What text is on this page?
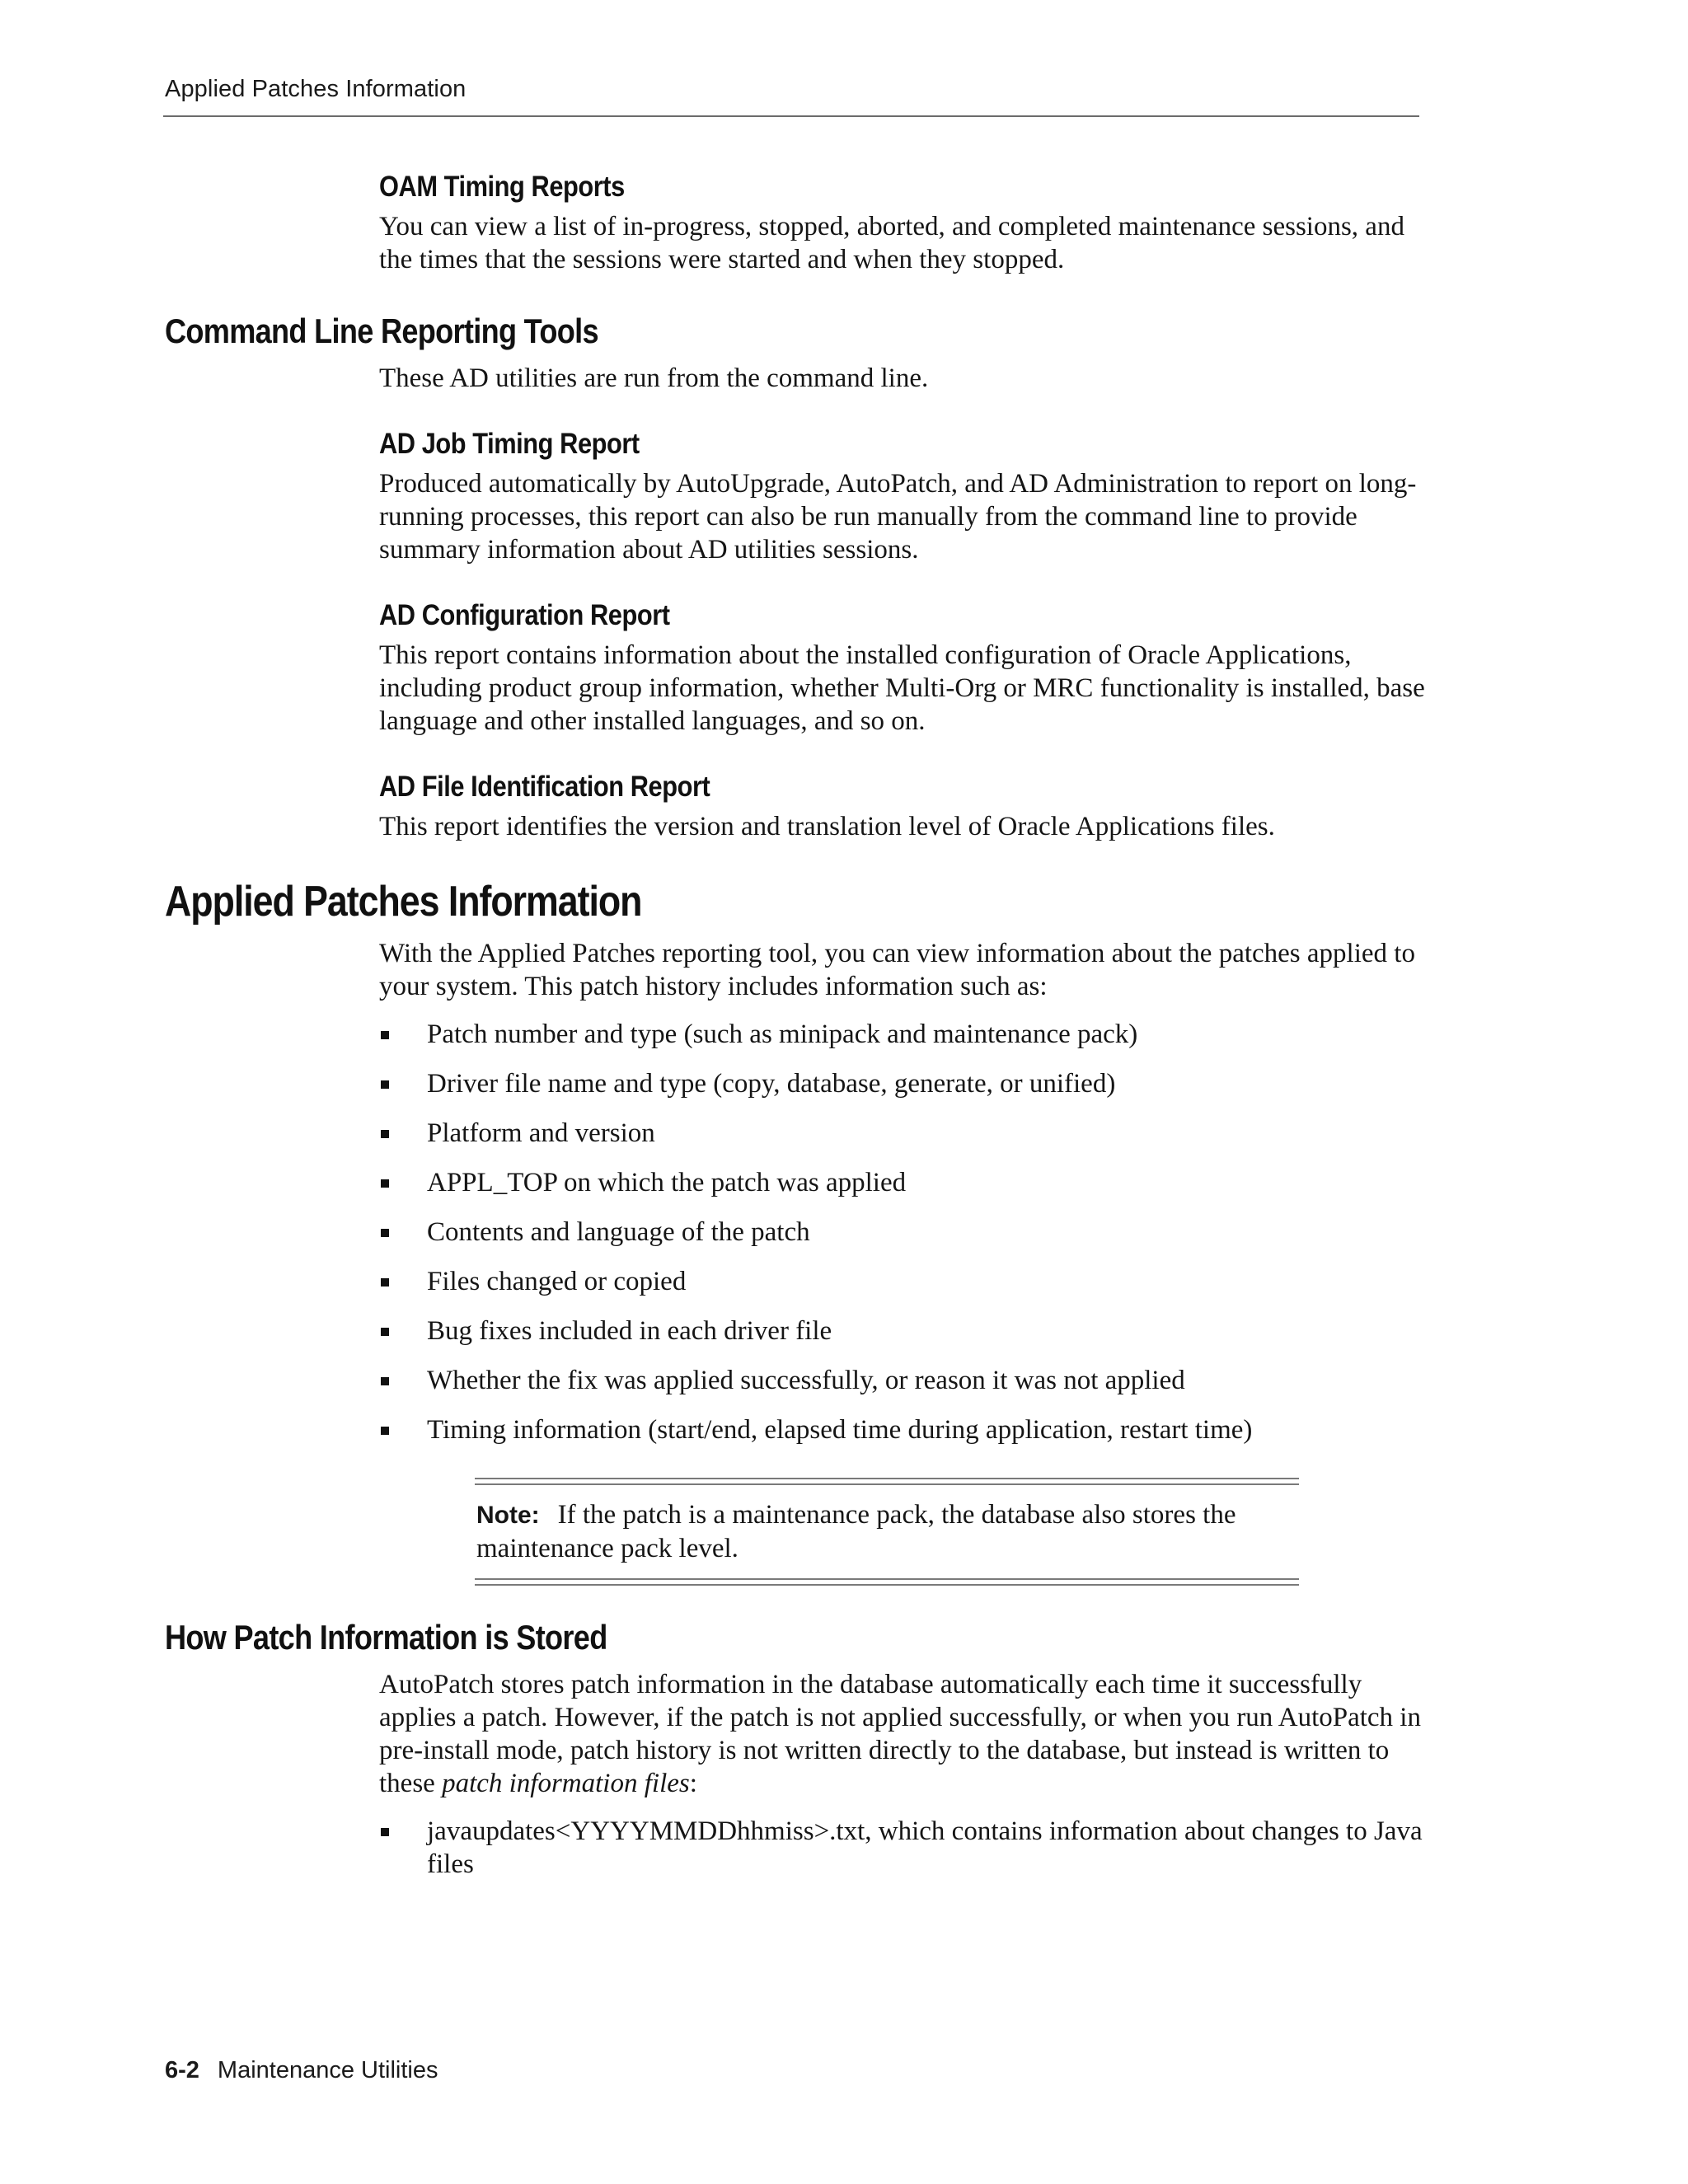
Applied Patches Information
OAM Timing Reports

You can view a list of in-progress, stopped, aborted, and completed maintenance sessions, and the times that the sessions were started and when they stopped.

Command Line Reporting Tools

These AD utilities are run from the command line.

AD Job Timing Report

Produced automatically by AutoUpgrade, AutoPatch, and AD Administration to report on long-running processes, this report can also be run manually from the command line to provide summary information about AD utilities sessions.

AD Configuration Report

This report contains information about the installed configuration of Oracle Applications, including product group information, whether Multi-Org or MRC functionality is installed, base language and other installed languages, and so on.

AD File Identification Report

This report identifies the version and translation level of Oracle Applications files.

Applied Patches Information

With the Applied Patches reporting tool, you can view information about the patches applied to your system. This patch history includes information such as:

Patch number and type (such as minipack and maintenance pack)
Driver file name and type (copy, database, generate, or unified)
Platform and version
APPL_TOP on which the patch was applied
Contents and language of the patch
Files changed or copied
Bug fixes included in each driver file
Whether the fix was applied successfully, or reason it was not applied
Timing information (start/end, elapsed time during application, restart time)
Note: If the patch is a maintenance pack, the database also stores the maintenance pack level.
How Patch Information is Stored

AutoPatch stores patch information in the database automatically each time it successfully applies a patch. However, if the patch is not applied successfully, or when you run AutoPatch in pre-install mode, patch history is not written directly to the database, but instead is written to these patch information files:

javaupdates<YYYYMMDDhhmiss>.txt, which contains information about changes to Java files
6-2 Maintenance Utilities
